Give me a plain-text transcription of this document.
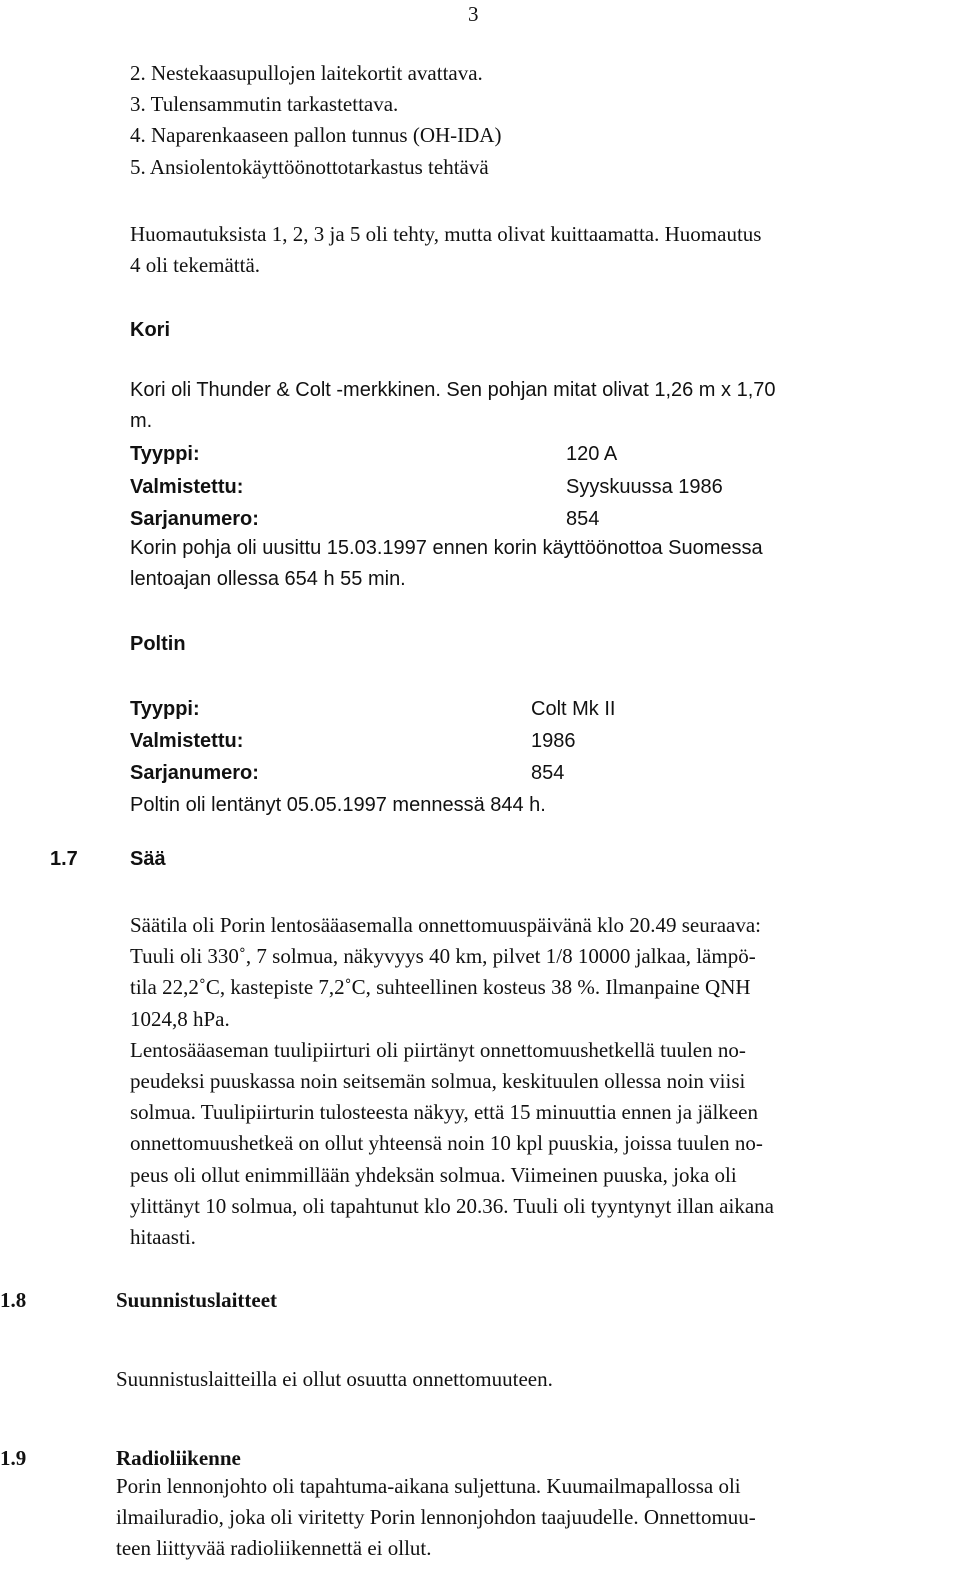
3
2. Nestekaasupullojen laitekortit avattava.
3. Tulensammutin tarkastettava.
4. Naparenkaaseen pallon tunnus (OH-IDA)
5. Ansiolentokäyttöönottotarkastus tehtävä
Huomautuksista 1, 2, 3 ja 5 oli tehty, mutta olivat kuittaamatta. Huomautus
4 oli tekemättä.
Kori
Kori oli Thunder & Colt -merkkinen. Sen pohjan mitat olivat 1,26 m x 1,70
m.
Tyyppi:	120 A
Valmistettu:	Syyskuussa 1986
Sarjanumero:	854
Korin pohja oli uusittu 15.03.1997 ennen korin käyttöönottoa Suomessa
lentoajan ollessa 654 h 55 min.
Poltin
Tyyppi:	Colt Mk II
Valmistettu:	1986
Sarjanumero:	854
Poltin oli lentänyt 05.05.1997 mennessä 844 h.
1.7	Sää
Säätila oli Porin lentosääasemalla onnettomuuspäivänä klo 20.49 seuraava:
Tuuli oli 330˚, 7 solmua, näkyvyys 40 km, pilvet 1/8 10000 jalkaa, lämpö-
tila 22,2˚C, kastepiste 7,2˚C, suhteellinen kosteus 38 %. Ilmanpaine QNH
1024,8 hPa.
Lentosääaseman tuulipiirturi oli piirtänyt onnettomuushetkellä tuulen no-
peudeksi puuskassa noin seitsemän solmua, keskituulen ollessa noin viisi
solmua. Tuulipiirturin tulosteesta näkyy, että 15 minuuttia ennen ja jälkeen
onnettomuushetkeä on ollut yhteensä noin 10 kpl puuskia, joissa tuulen no-
peus oli ollut enimmillään yhdeksän solmua. Viimeinen puuska, joka oli
ylittänyt 10 solmua, oli tapahtunut klo 20.36. Tuuli oli tyyntynyt illan aikana
hitaasti.
1.8	Suunnistuslaitteet
Suunnistuslaitteilla ei ollut osuutta onnettomuuteen.
1.9	Radioliikenne
Porin lennonjohto oli tapahtuma-aikana suljettuna. Kuumailmapallossa oli
ilmailuradio, joka oli viritetty Porin lennonjohdon taajuudelle. Onnettomuu-
teen liittyvää radioliikennettä ei ollut.
